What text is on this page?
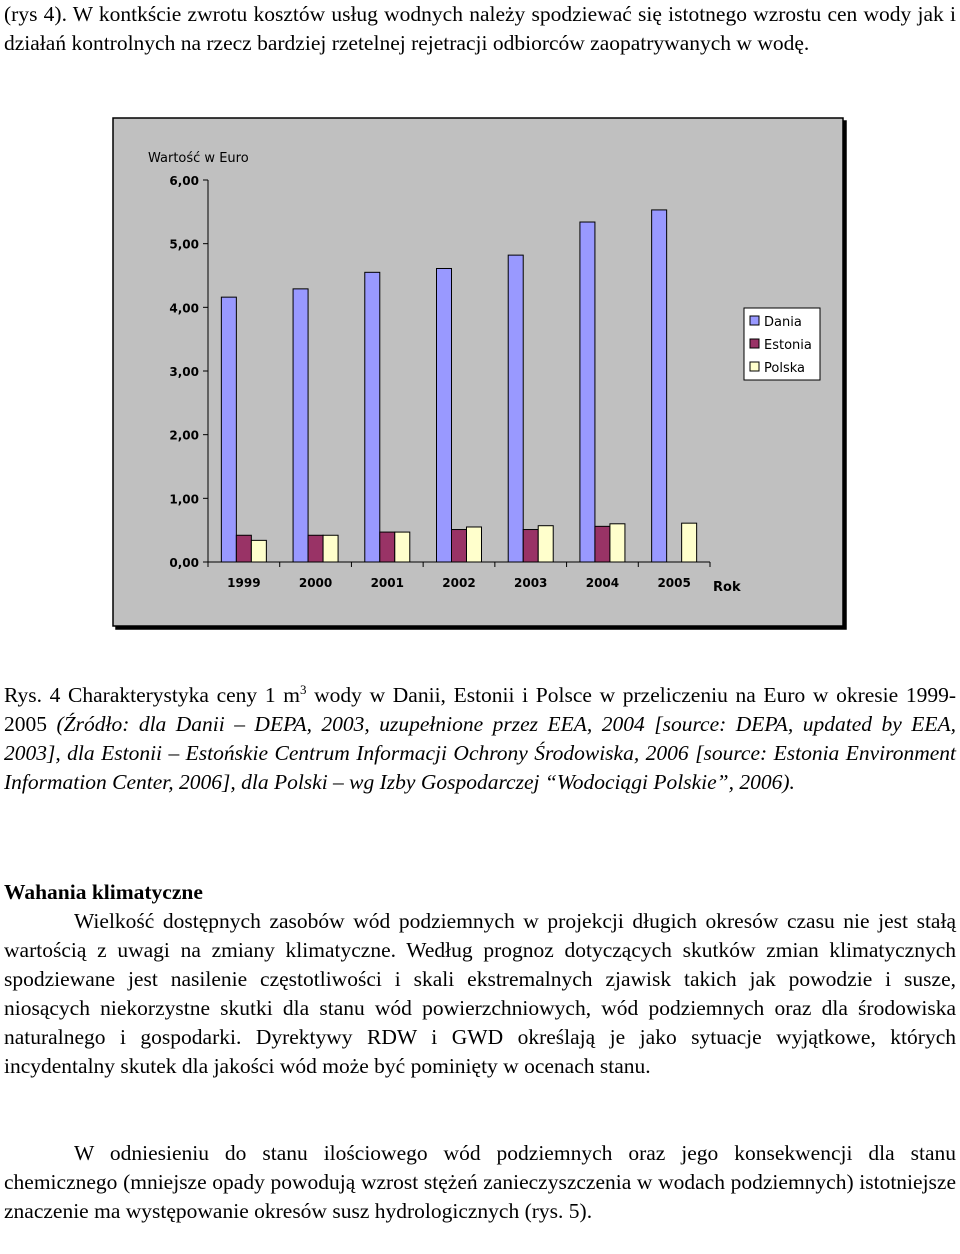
(rys 4). W kontkście zwrotu kosztów usług wodnych należy spodziewać się istotnego wzrostu cen wody jak i działań kontrolnych na rzecz bardziej rzetelnej rejetracji odbiorców zaopatrywanych w wodę.
Wartość w Euro
Rok
0,00
1,00
2,00
3,00
4,00
5,00
6,00
1999	2000	2001	2002	2003	2004	2005
Dania
Estonia
Polska
Rys. 4 Charakterystyka ceny 1 $m^3$ wody w Danii, Estonii i Polsce w przeliczeniu na Euro w okresie 1999-2005 (Źródło: dla Danii – DEPA, 2003, uzupełnione przez EEA, 2004 [source: DEPA, updated by EEA, 2003], dla Estonii – Estońskie Centrum Informacji Ochrony Środowiska, 2006 [source: Estonia Environment Information Center, 2006], dla Polski – wg Izby Gospodarczej “Wodociągi Polskie”, 2006).
Wahania klimatyczne
Wielkość dostępnych zasobów wód podziemnych w projekcji długich okresów czasu nie jest stałą wartością z uwagi na zmiany klimatyczne. Według prognoz dotyczących skutków zmian klimatycznych spodziewane jest nasilenie częstotliwości i skali ekstremalnych zjawisk takich jak powodzie i susze, niosących niekorzystne skutki dla stanu wód powierzchniowych, wód podziemnych oraz dla środowiska naturalnego i gospodarki. Dyrektywy RDW i GWD określają je jako sytuacje wyjątkowe, których incydentalny skutek dla jakości wód może być pominięty w ocenach stanu.
W odniesieniu do stanu ilościowego wód podziemnych oraz jego konsekwencji dla stanu chemicznego (mniejsze opady powodują wzrost stężeń zanieczyszczenia w wodach podziemnych) istotniejsze znaczenie ma występowanie okresów susz hydrologicznych (rys. 5).
